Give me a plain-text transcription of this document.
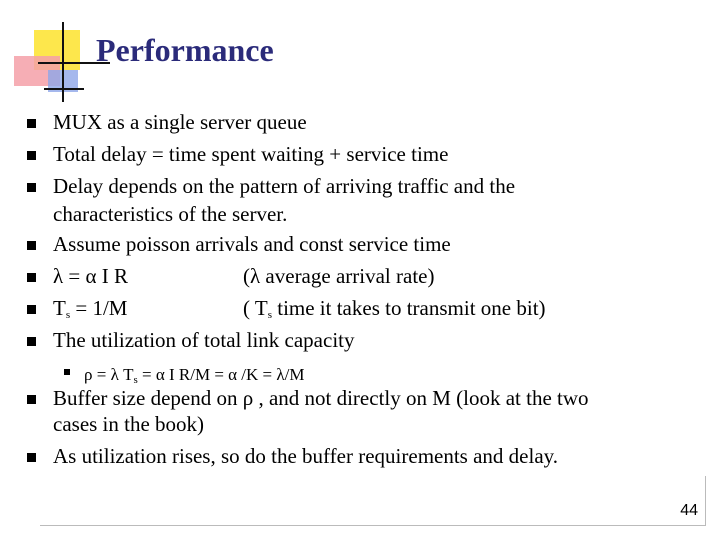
Performance
MUX as a single server queue
Total delay = time spent waiting + service time
Delay depends on the pattern of arriving traffic and the
characteristics of the server.
Assume poisson arrivals and const service time
λ = α I R	(λ average arrival rate)
Ts = 1/M	( Ts time it takes to transmit one bit)
The utilization of total link capacity
ρ = λ Ts = α I R/M = α /K = λ/M
Buffer size depend on ρ , and not directly on M (look at the two
cases in the book)
As utilization rises, so do the buffer requirements and delay.
44
